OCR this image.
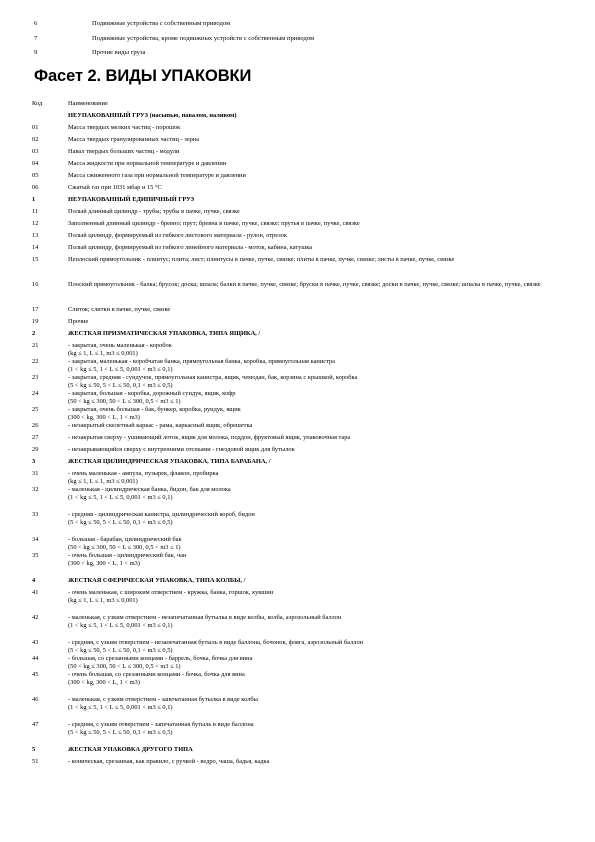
6	Подвижные устройства с собственным приводом
7	Подвижные устройства, кроме подвижных устройств с собственным приводом
9	Прочие виды груза
Фасет 2. ВИДЫ УПАКОВКИ
Код	Наименование
НЕУПАКОВАННЫЙ ГРУЗ (насыпью, навалом, наливом)
01	Масса твердых мелких частиц - порошок
02	Масса твердых гранулированных частиц - зерна
03	Навал твердых больших частиц - модули
04	Масса жидкости при нормальной температуре и давлении
05	Масса сжиженного газа при нормальной температуре и давлении
06	Сжатый газ при 1031 мбар и 15 °С
1	НЕУПАКОВАННЫЙ ЕДИНИЧНЫЙ ГРУЗ
11	Полый длинный цилиндр - трубы; трубы в пачке, пучке, связке
12	Заполненный длинный цилиндр - бревно; прут; бревна в пачке, пучке, связке; прутья в пачке, пучке, связке
13	Полый цилиндр, формируемый из гибкого листового материала - рулон, отрезок
14	Полый цилиндр, формируемый из гибкого линейного материала - моток, кабина, катушка
15	Неплоский прямоугольник - плинтус; плита; лист; плинтусы в пачке, пучке, связке; плиты в пачке, пучке, связке; листы в пачке, пучке, связке
16	Плоский прямоугольник - балка; брусок; доска; шпала; балки в пачке, пучке, связке; бруски в пачке, пучке, связке; доски в пачке, пучке, связке; шпалы в пачке, пучке, связке
17	Слиток; слитки в пачке, пучке, связке
19	Прочие
2	ЖЕСТКАЯ ПРИЗМАТИЧЕСКАЯ УПАКОВКА, ТИПА ЯЩИКА, /
21	- закрытая, очень маленькая - коробок
(kg ≤ 1, L ≤ 1, m3 ≤ 0,001)
22	- закрытая, маленькая - коробчатая банка, прямоугольная банка, коробка, прямоугольная канистра
(1 < kg ≤ 5, 1 < L ≤ 5, 0,001 < m3 ≤ 0,1)
23	- закрытая, средняя - сундучок, прямоугольная канистра, ящик, чемодан, бак, корзина с крышкой, коробка
(5 < kg ≤ 50, 5 < L ≤ 50, 0,1 < m3 ≤ 0,5)
24	- закрытая, большая - коробка, дорожный сундук, ящик, кофр
(50 < kg ≤ 300, 50 < L ≤ 300, 0,5 < m3 ≤ 1)
25	- закрытая, очень большая - бак, бункер, коробка, рундук, ящик
(300 < kg, 300 < L, 1 < m3)
26	- незакрытый скелетный каркас - рама, каркасный ящик, обрешетка
27	- незакрытая сверху - ушивающий лоток, ящик для молока, поддон, фруктовый ящик, упаковочная тара
29	- незакрывающийся сверху с внутренними отсеками - гнездовой ящик для бутылок
3	ЖЕСТКАЯ ЦИЛИНДРИЧЕСКАЯ УПАКОВКА, ТИПА БАРАБАНА, /
31	- очень маленькая - ампула, пузырек, флакон, пробирка
(kg ≤ 1, L ≤ 1, m3 ≤ 0,001)
32	- маленькая - цилиндрическая банка, бидон, бак для молока
(1 < kg ≤ 5, 1 < L ≤ 5, 0,001 < m3 ≤ 0,1)
33	- средняя - цилиндрическая канистра, цилиндрический короб, бидон
(5 < kg ≤ 50, 5 < L ≤ 50, 0,1 < m3 ≤ 0,5)
34	- большая - барабан, цилиндрический бак
(50 < kg ≤ 300, 50 < L ≤ 300, 0,5 < m3 ≤ 1)
35	- очень большая - цилиндрический бак, чан
(300 < kg, 300 < L, 1 < m3)
4	ЖЕСТКАЯ СФЕРИЧЕСКАЯ УПАКОВКА, ТИПА КОЛБЫ, /
41	- очень маленькая, с широким отверстием - кружка, банка, горшок, кувшин
(kg ≤ 1, L ≤ 1, m3 ≤ 0,001)
42	- маленькая, с узким отверстием - незапечатанная бутылка в виде колбы, колба, аэрозольный баллон
(1 < kg ≤ 5, 1 < L ≤ 5, 0,001 < m3 ≤ 0,1)
43	- средняя, с узким отверстием - незапечатанная бутыль в виде баллона, бочонок, флягa, аэрозольный баллон
(5 < kg ≤ 50, 5 < L ≤ 50, 0,1 < m3 ≤ 0,5)
44	- большая, со срезанными концами - баррель, бочка, бочка для вина
(50 < kg ≤ 300, 50 < L ≤ 300, 0,5 < m3 ≤ 1)
45	- очень большая, со срезанными концами - бочка, бочка для вина
(300 < kg, 300 < L, 1 < m3)
46	- маленькая, с узким отверстием - запечатанная бутылка в виде колбы
(1 < kg ≤ 5, 1 < L ≤ 5, 0,001 < m3 ≤ 0,1)
47	- средняя, с узким отверстием - запечатанная бутыль в виде баллона
(5 < kg ≤ 50, 5 < L ≤ 50, 0,1 < m3 ≤ 0,5)
5	ЖЕСТКАЯ УПАКОВКА ДРУГОГО ТИПА
51	- коническая, срезанная, как правило, с ручкой - ведро, чаша, бадья, кадка
